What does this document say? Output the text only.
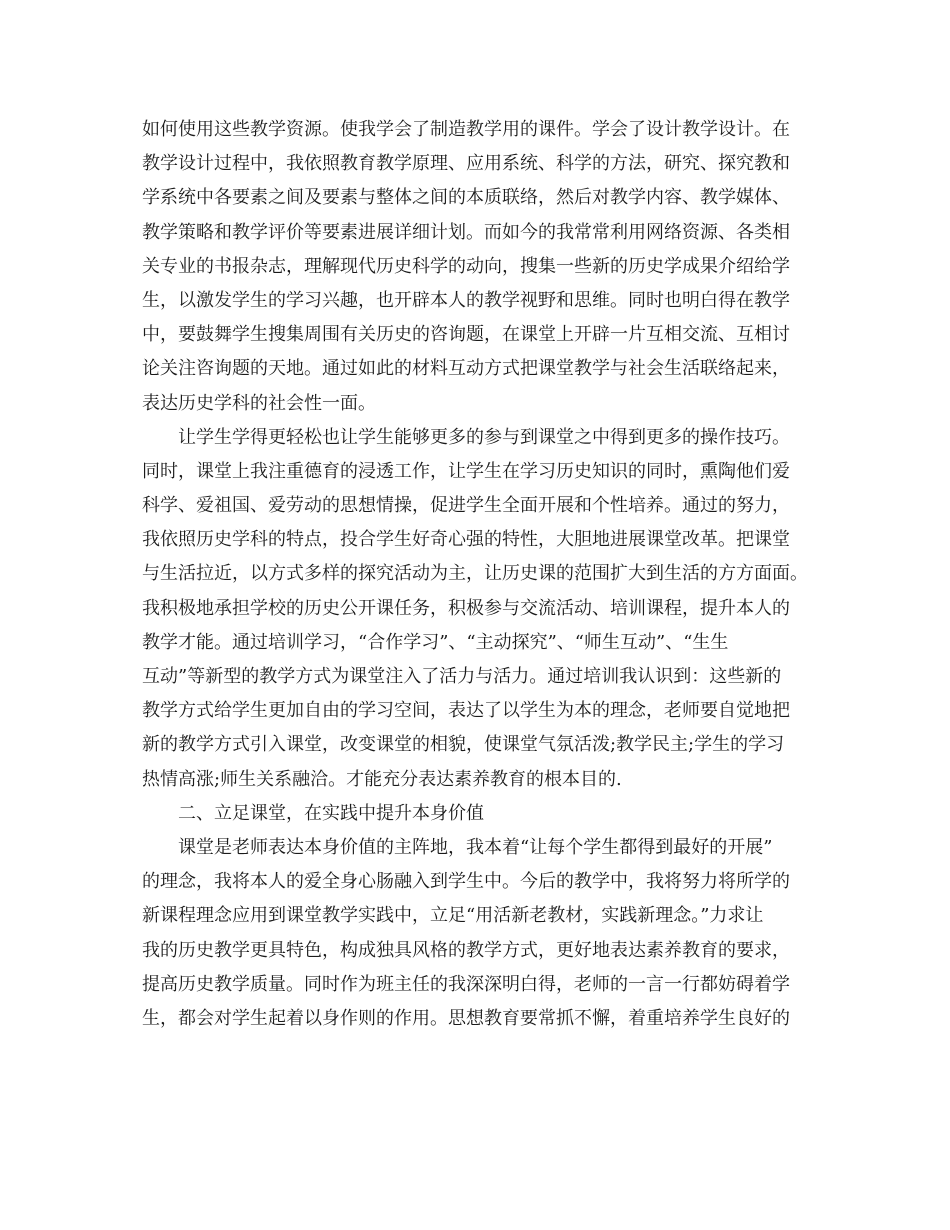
如何使用这些教学资源。使我学会了制造教学用的课件。学会了设计教学设计。在
教学设计过程中，我依照教育教学原理、应用系统、科学的方法，研究、探究教和
学系统中各要素之间及要素与整体之间的本质联络，然后对教学内容、教学媒体、
教学策略和教学评价等要素进展详细计划。而如今的我常常利用网络资源、各类相
关专业的书报杂志，理解现代历史科学的动向，搜集一些新的历史学成果介绍给学
生，以激发学生的学习兴趣，也开辟本人的教学视野和思维。同时也明白得在教学
中，要鼓舞学生搜集周围有关历史的咨询题，在课堂上开辟一片互相交流、互相讨
论关注咨询题的天地。通过如此的材料互动方式把课堂教学与社会生活联络起来，
表达历史学科的社会性一面。
让学生学得更轻松也让学生能够更多的参与到课堂之中得到更多的操作技巧。
同时，课堂上我注重德育的浸透工作，让学生在学习历史知识的同时，熏陶他们爱
科学、爱祖国、爱劳动的思想情操，促进学生全面开展和个性培养。通过的努力，
我依照历史学科的特点，投合学生好奇心强的特性，大胆地进展课堂改革。把课堂
与生活拉近，以方式多样的探究活动为主，让历史课的范围扩大到生活的方方面面。
我积极地承担学校的历史公开课任务，积极参与交流活动、培训课程，提升本人的
教学才能。通过培训学习，“合作学习”、“主动探究”、“师生互动”、“生生
互动”等新型的教学方式为课堂注入了活力与活力。通过培训我认识到：这些新的
教学方式给学生更加自由的学习空间，表达了以学生为本的理念，老师要自觉地把
新的教学方式引入课堂，改变课堂的相貌，使课堂气氛活泼;教学民主;学生的学习
热情高涨;师生关系融洽。才能充分表达素养教育的根本目的.
二、立足课堂，在实践中提升本身价值
课堂是老师表达本身价值的主阵地，我本着“让每个学生都得到最好的开展”
的理念，我将本人的爱全身心肠融入到学生中。今后的教学中，我将努力将所学的
新课程理念应用到课堂教学实践中，立足“用活新老教材，实践新理念。”力求让
我的历史教学更具特色，构成独具风格的教学方式，更好地表达素养教育的要求，
提高历史教学质量。同时作为班主任的我深深明白得，老师的一言一行都妨碍着学
生，都会对学生起着以身作则的作用。思想教育要常抓不懈，着重培养学生良好的
